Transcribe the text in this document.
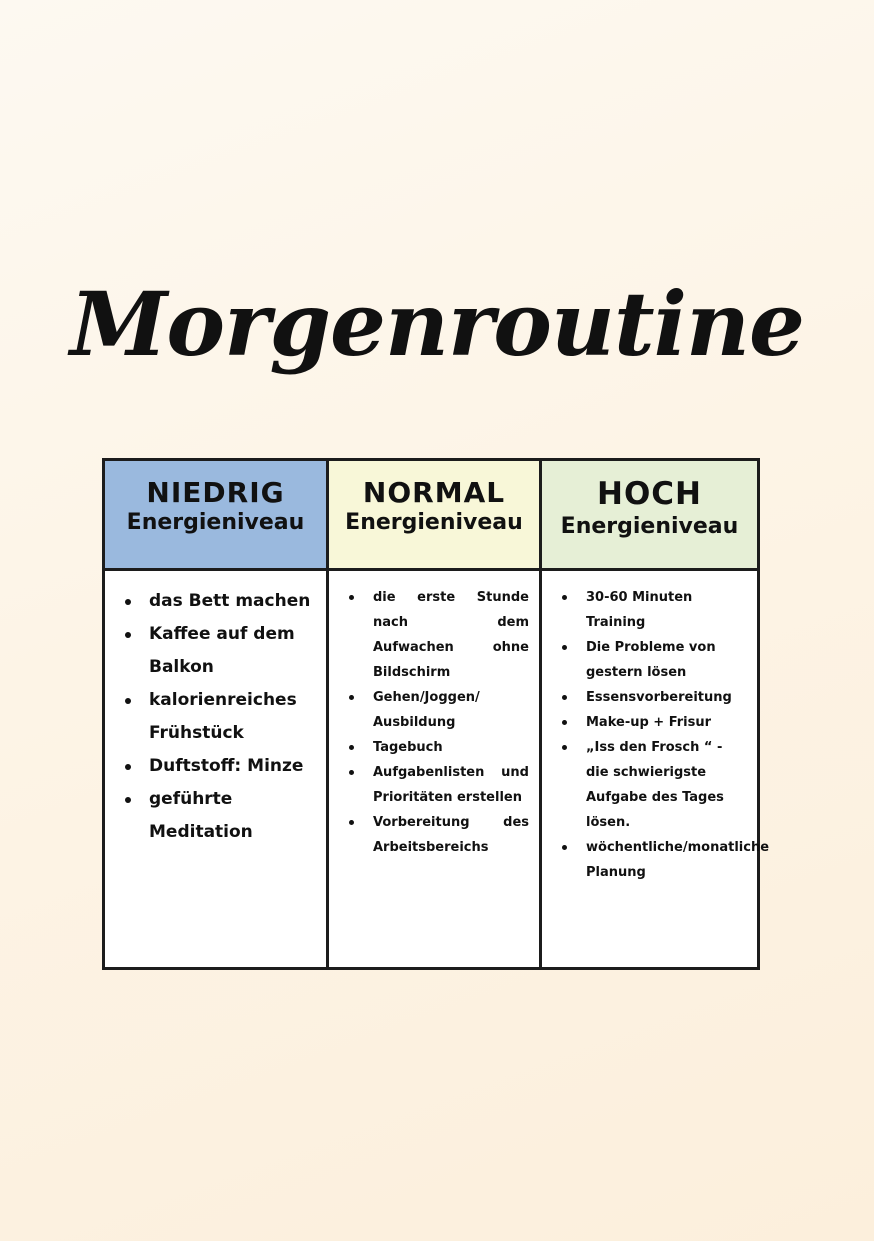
Morgenroutine
NIEDRIG
Energieniveau
das Bett machen
Kaffee auf dem Balkon
kalorienreiches Frühstück
Duftstoff: Minze
geführte Meditation
NORMAL
Energieniveau
die erste Stunde nach dem Aufwachen ohne Bildschirm
Gehen/Joggen/ Ausbildung
Tagebuch
Aufgabenlisten und Prioritäten erstellen
Vorbereitung des Arbeitsbereichs
HOCH
Energieniveau
30-60 Minuten Training
Die Probleme von gestern lösen
Essensvorbereitung
Make-up + Frisur
„Iss den Frosch “ - die schwierigste Aufgabe des Tages lösen.
wöchentliche/monatliche Planung
